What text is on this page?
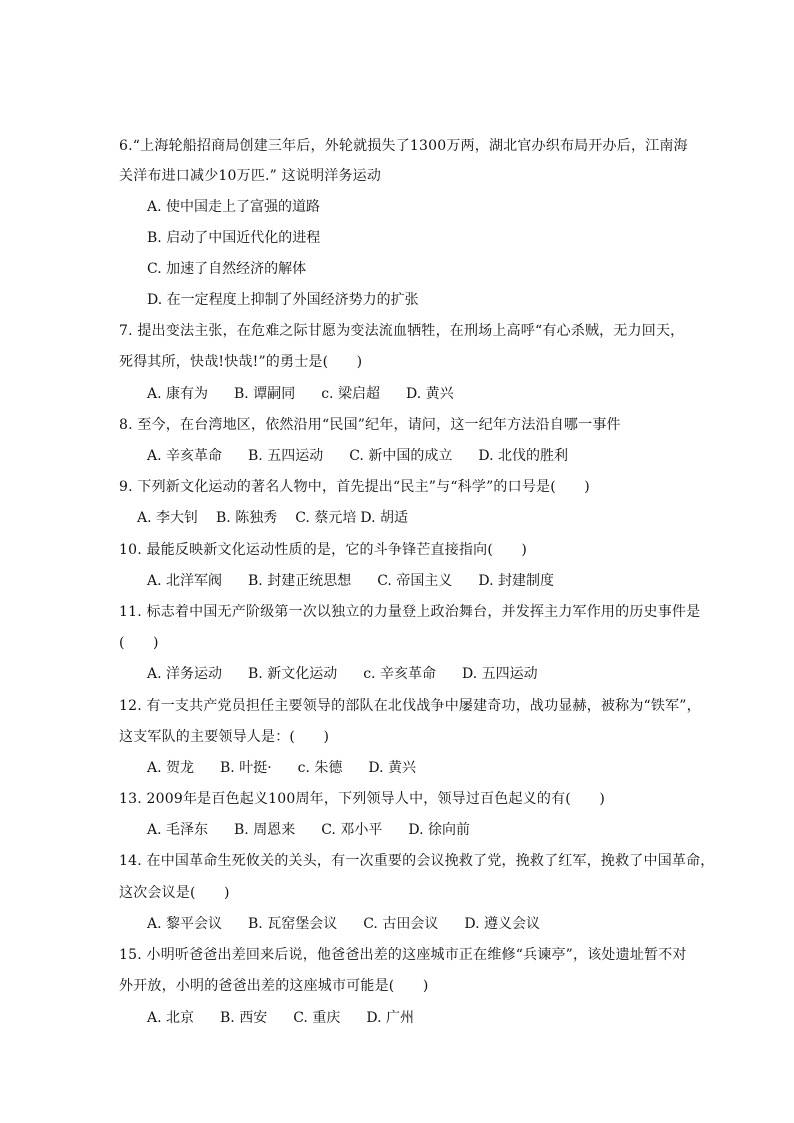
6.“上海轮船招商局创建三年后，外轮就损失了1300万两，湖北官办织布局开办后，江南海
关洋布进口减少10万匹.” 这说明洋务运动
A. 使中国走上了富强的道路
B. 启动了中国近代化的进程
C. 加速了自然经济的解体
D. 在一定程度上抑制了外国经济势力的扩张
7. 提出变法主张，在危难之际甘愿为变法流血牺牲，在刑场上高呼“有心杀贼，无力回天，
死得其所，快哉!快哉!”的勇士是(　　)
A. 康有为	B. 谭嗣同	c. 梁启超	D. 黄兴
8. 至今，在台湾地区，依然沿用“民国”纪年，请问，这一纪年方法沿自哪一事件
A. 辛亥革命	B. 五四运动	C. 新中国的成立	D. 北伐的胜利
9. 下列新文化运动的著名人物中，首先提出“民主”与“科学”的口号是(　　)
A. 李大钊	B. 陈独秀	C. 蔡元培 D. 胡适
10. 最能反映新文化运动性质的是，它的斗争锋芒直接指向(　　)
A. 北洋军阀	B. 封建正统思想	C. 帝国主义	D. 封建制度
11. 标志着中国无产阶级第一次以独立的力量登上政治舞台，并发挥主力军作用的历史事件是
(　　)
A. 洋务运动	B. 新文化运动	c. 辛亥革命	D. 五四运动
12. 有一支共产党员担任主要领导的部队在北伐战争中屡建奇功，战功显赫，被称为“铁军”，
这支军队的主要领导人是：(　　)
A. 贺龙	B. 叶挺·	c. 朱德	D. 黄兴
13. 2009年是百色起义100周年，下列领导人中，领导过百色起义的有(　　)
A. 毛泽东	B. 周恩来	C. 邓小平	D. 徐向前
14. 在中国革命生死攸关的关头，有一次重要的会议挽救了党，挽救了红军，挽救了中国革命，
这次会议是(　　)
A. 黎平会议	B. 瓦窑堡会议	C. 古田会议	D. 遵义会议
15. 小明听爸爸出差回来后说，他爸爸出差的这座城市正在维修“兵谏亭”，该处遗址暂不对
外开放，小明的爸爸出差的这座城市可能是(　　)
A. 北京	B. 西安	C. 重庆	D. 广州
